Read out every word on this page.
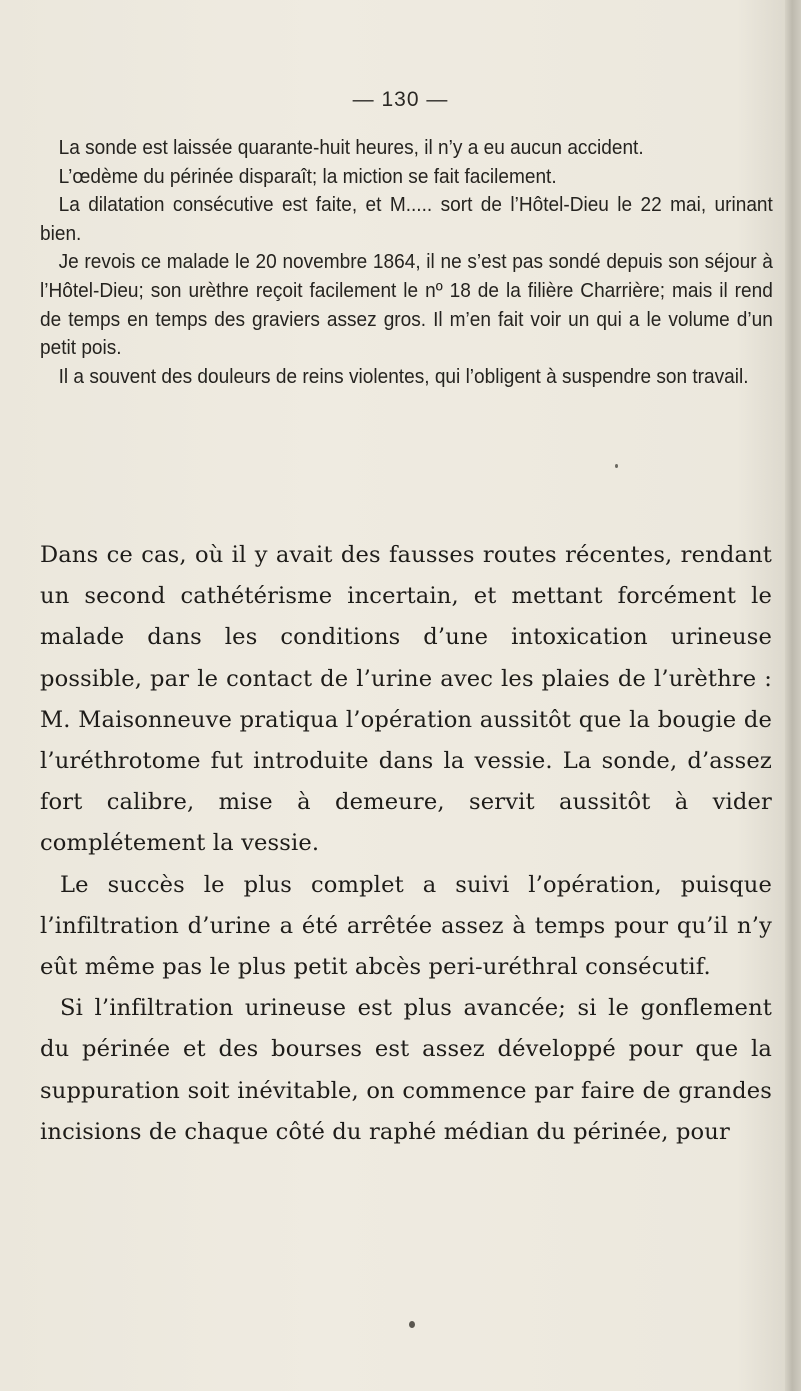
— 130 —

La sonde est laissée quarante-huit heures, il n’y a eu aucun accident.

L’œdème du périnée disparaît; la miction se fait facilement.

La dilatation consécutive est faite, et M..... sort de l’Hôtel-Dieu le 22 mai, urinant bien.

Je revois ce malade le 20 novembre 1864, il ne s’est pas sondé depuis son séjour à l’Hôtel-Dieu; son urèthre reçoit facilement le nº 18 de la filière Charrière; mais il rend de temps en temps des graviers assez gros. Il m’en fait voir un qui a le volume d’un petit pois.

Il a souvent des douleurs de reins violentes, qui l’obligent à suspendre son travail.

Dans ce cas, où il y avait des fausses routes récentes, rendant un second cathétérisme incertain, et mettant forcément le malade dans les conditions d’une intoxication urineuse possible, par le contact de l’urine avec les plaies de l’urèthre : M. Maisonneuve pratiqua l’opération aussitôt que la bougie de l’uréthrotome fut introduite dans la vessie. La sonde, d’assez fort calibre, mise à demeure, servit aussitôt à vider complétement la vessie.

Le succès le plus complet a suivi l’opération, puisque l’infiltration d’urine a été arrêtée assez à temps pour qu’il n’y eût même pas le plus petit abcès peri-uréthral consécutif.

Si l’infiltration urineuse est plus avancée; si le gonflement du périnée et des bourses est assez développé pour que la suppuration soit inévitable, on commence par faire de grandes incisions de chaque côté du raphé médian du périnée, pour
